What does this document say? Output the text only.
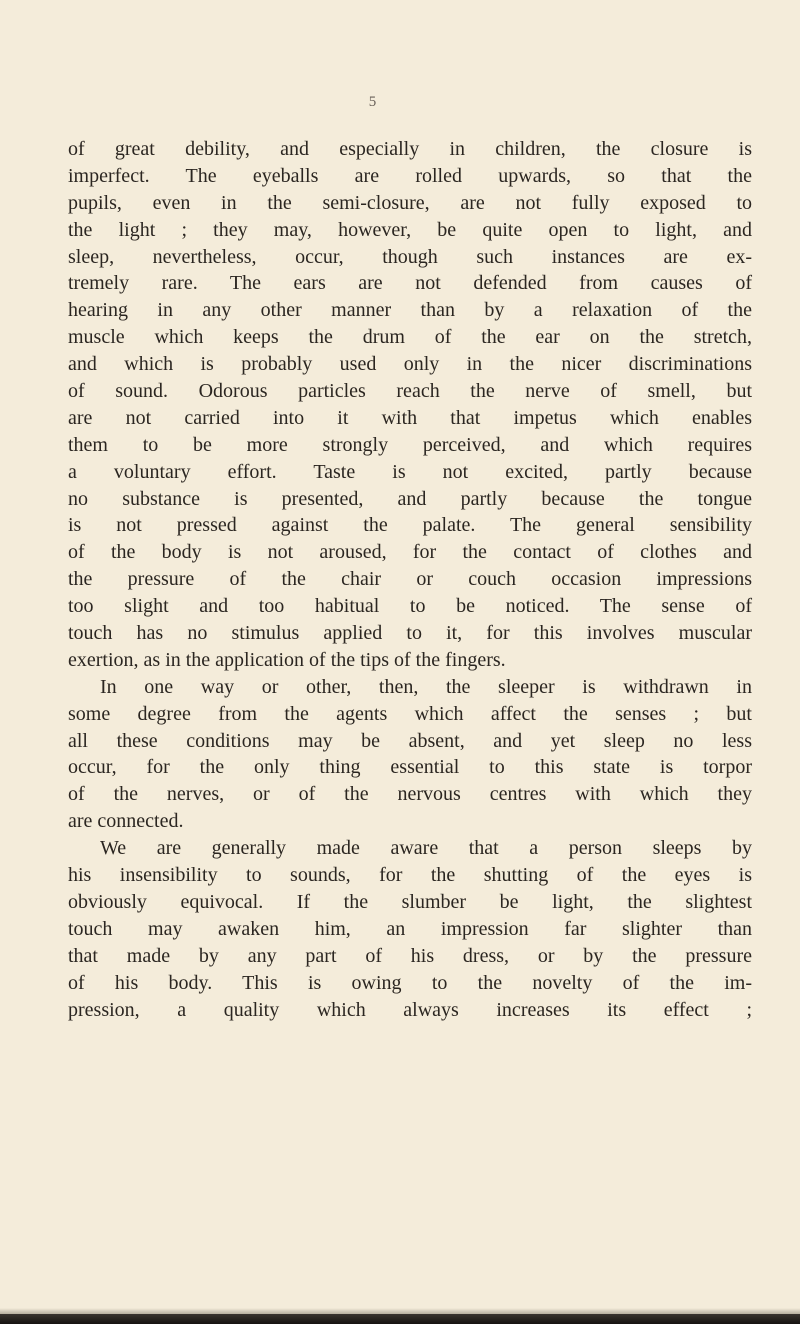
5
of great debility, and especially in children, the closure is
imperfect. The eyeballs are rolled upwards, so that the
pupils, even in the semi-closure, are not fully exposed to
the light ; they may, however, be quite open to light, and
sleep, nevertheless, occur, though such instances are ex-
tremely rare. The ears are not defended from causes of
hearing in any other manner than by a relaxation of the
muscle which keeps the drum of the ear on the stretch,
and which is probably used only in the nicer discriminations
of sound. Odorous particles reach the nerve of smell, but
are not carried into it with that impetus which enables
them to be more strongly perceived, and which requires
a voluntary effort. Taste is not excited, partly because
no substance is presented, and partly because the tongue
is not pressed against the palate. The general sensibility
of the body is not aroused, for the contact of clothes and
the pressure of the chair or couch occasion impressions
too slight and too habitual to be noticed. The sense of
touch has no stimulus applied to it, for this involves muscular
exertion, as in the application of the tips of the fingers.
In one way or other, then, the sleeper is withdrawn in
some degree from the agents which affect the senses ; but
all these conditions may be absent, and yet sleep no less
occur, for the only thing essential to this state is torpor
of the nerves, or of the nervous centres with which they
are connected.
We are generally made aware that a person sleeps by
his insensibility to sounds, for the shutting of the eyes is
obviously equivocal. If the slumber be light, the slightest
touch may awaken him, an impression far slighter than
that made by any part of his dress, or by the pressure
of his body. This is owing to the novelty of the im-
pression, a quality which always increases its effect ;
